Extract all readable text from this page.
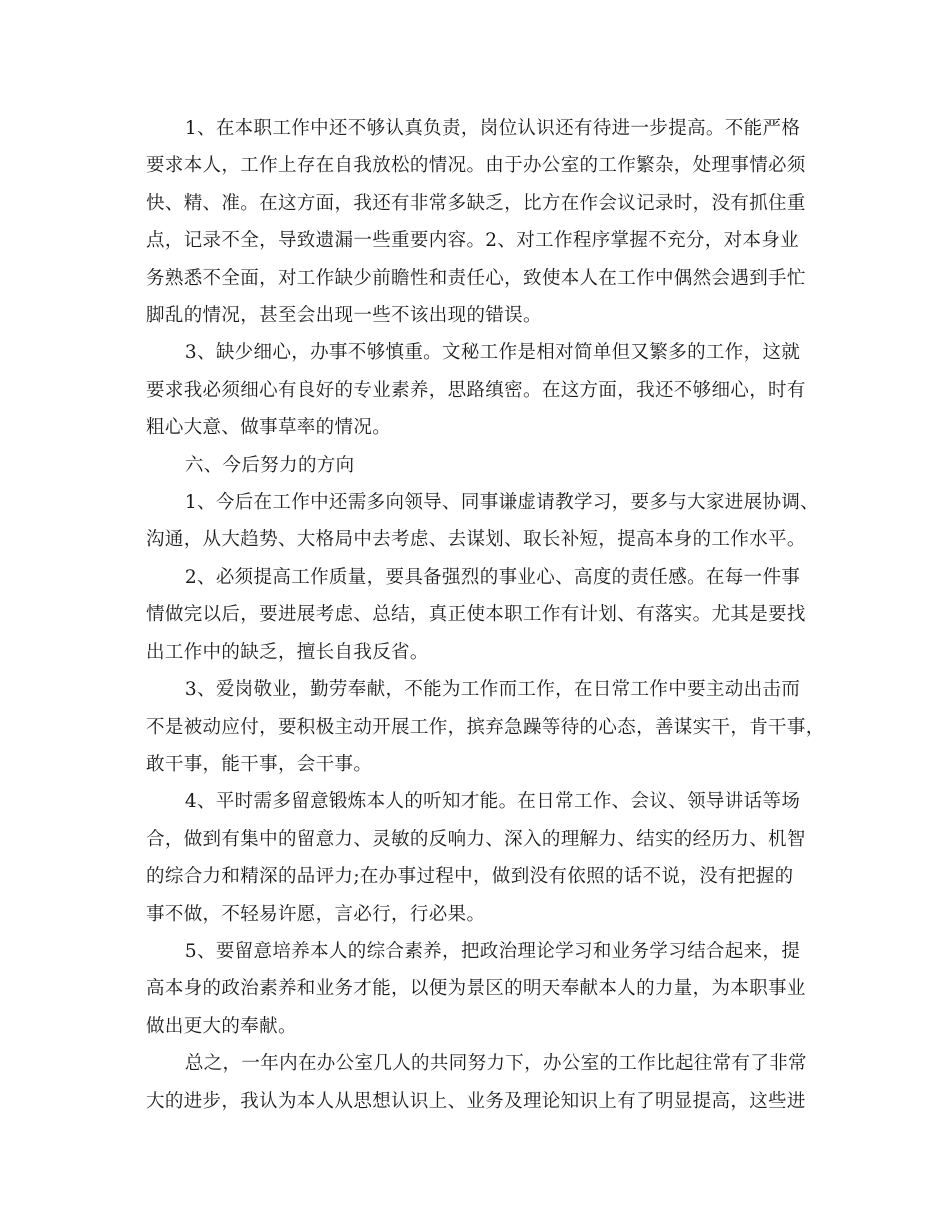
1、在本职工作中还不够认真负责，岗位认识还有待进一步提高。不能严格
要求本人，工作上存在自我放松的情况。由于办公室的工作繁杂，处理事情必须
快、精、准。在这方面，我还有非常多缺乏，比方在作会议记录时，没有抓住重
点，记录不全，导致遗漏一些重要内容。2、对工作程序掌握不充分，对本身业
务熟悉不全面，对工作缺少前瞻性和责任心，致使本人在工作中偶然会遇到手忙
脚乱的情况，甚至会出现一些不该出现的错误。

3、缺少细心，办事不够慎重。文秘工作是相对简单但又繁多的工作，这就
要求我必须细心有良好的专业素养，思路缜密。在这方面，我还不够细心，时有
粗心大意、做事草率的情况。

六、今后努力的方向

1、今后在工作中还需多向领导、同事谦虚请教学习，要多与大家进展协调、
沟通，从大趋势、大格局中去考虑、去谋划、取长补短，提高本身的工作水平。

2、必须提高工作质量，要具备强烈的事业心、高度的责任感。在每一件事
情做完以后，要进展考虑、总结，真正使本职工作有计划、有落实。尤其是要找
出工作中的缺乏，擅长自我反省。

3、爱岗敬业，勤劳奉献，不能为工作而工作，在日常工作中要主动出击而
不是被动应付，要积极主动开展工作，摈弃急躁等待的心态，善谋实干，肯干事，
敢干事，能干事，会干事。

4、平时需多留意锻炼本人的听知才能。在日常工作、会议、领导讲话等场
合，做到有集中的留意力、灵敏的反响力、深入的理解力、结实的经历力、机智
的综合力和精深的品评力;在办事过程中，做到没有依照的话不说，没有把握的
事不做，不轻易许愿，言必行，行必果。

5、要留意培养本人的综合素养，把政治理论学习和业务学习结合起来，提
高本身的政治素养和业务才能，以便为景区的明天奉献本人的力量，为本职事业
做出更大的奉献。

总之，一年内在办公室几人的共同努力下，办公室的工作比起往常有了非常
大的进步，我认为本人从思想认识上、业务及理论知识上有了明显提高，这些进
